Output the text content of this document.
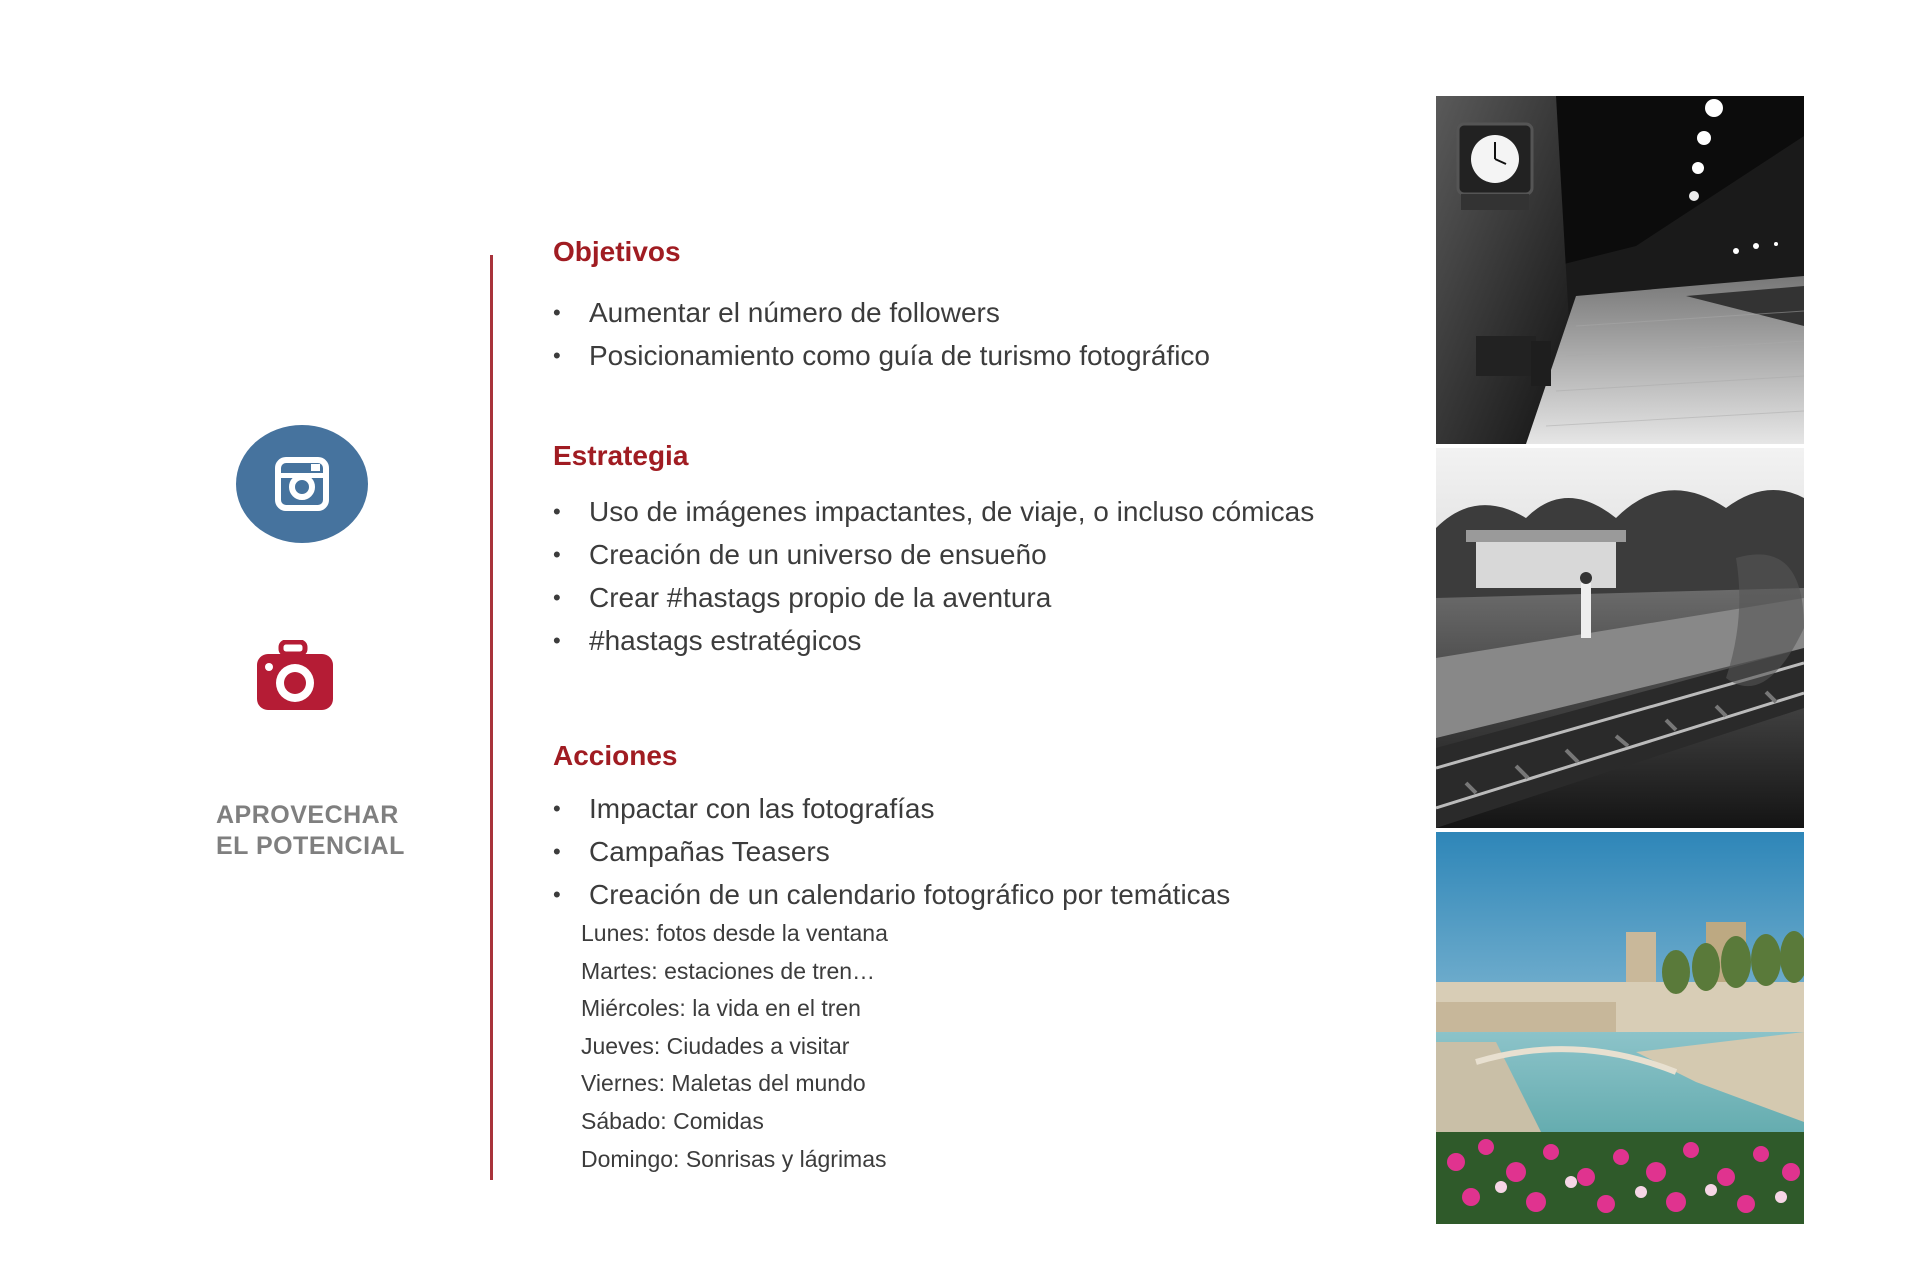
APROVECHAR
EL POTENCIAL
Objetivos
• Aumentar el número de followers
• Posicionamiento como guía de turismo fotográfico
Estrategia
• Uso de imágenes impactantes, de viaje, o incluso cómicas
• Creación de un universo de ensueño
• Crear #hastags propio de la aventura
• #hastags estratégicos
Acciones
• Impactar con las fotografías
• Campañas Teasers
• Creación de un calendario fotográfico por temáticas
Lunes: fotos desde la ventana
Martes: estaciones de tren…
Miércoles: la vida en el tren
Jueves: Ciudades a visitar
Viernes: Maletas del mundo
Sábado: Comidas
Domingo: Sonrisas y lágrimas
